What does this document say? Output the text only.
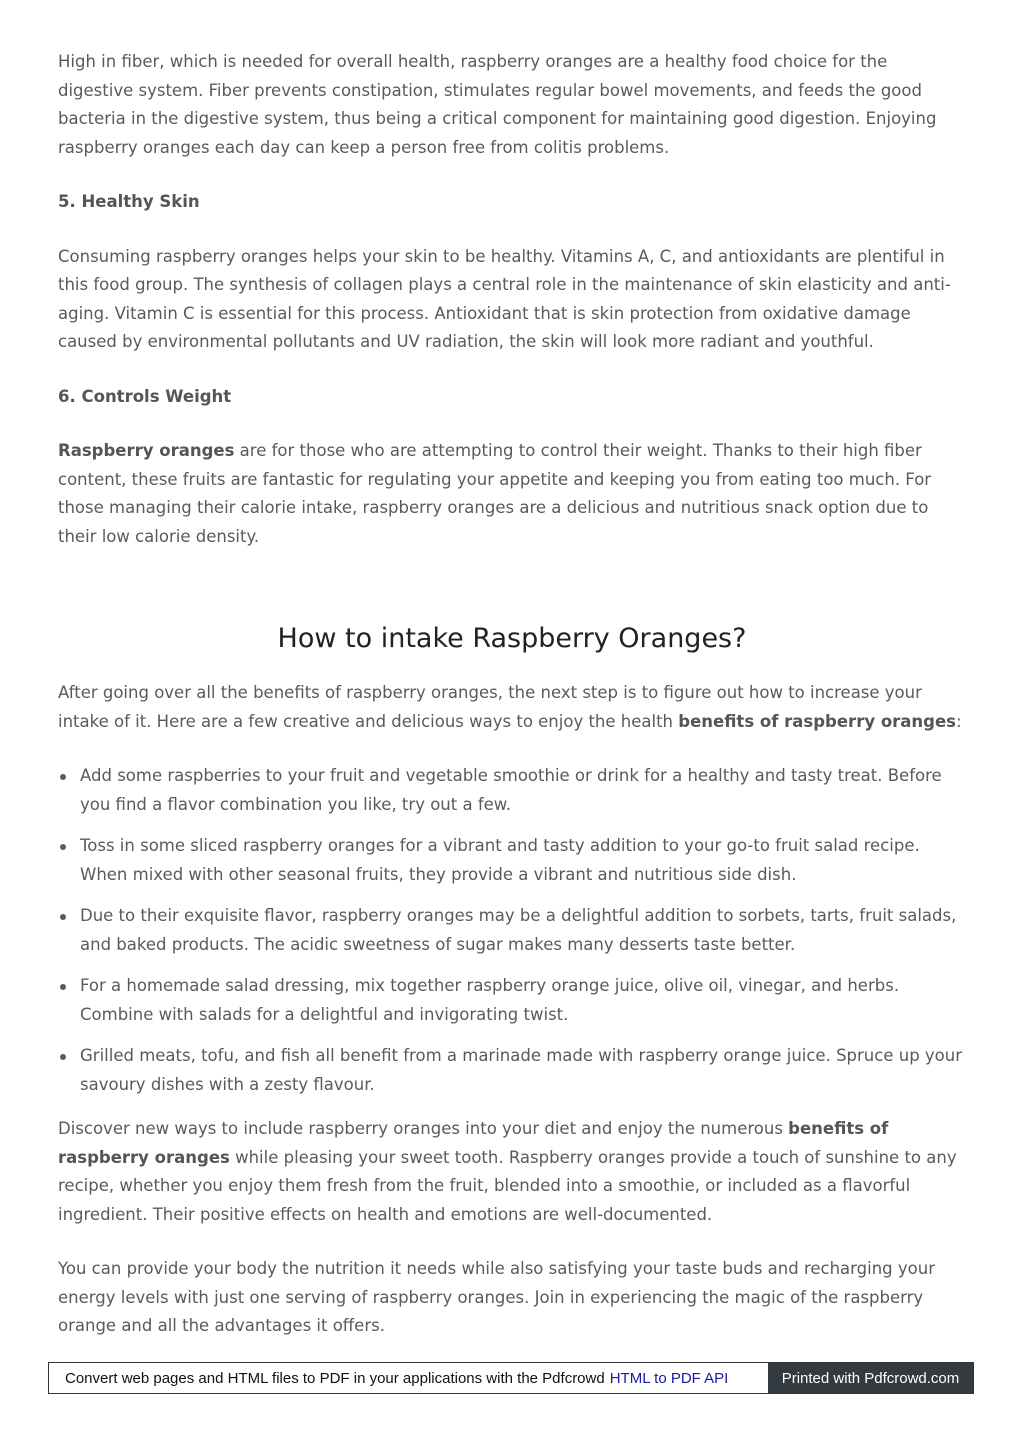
High in fiber, which is needed for overall health, raspberry oranges are a healthy food choice for the digestive system. Fiber prevents constipation, stimulates regular bowel movements, and feeds the good bacteria in the digestive system, thus being a critical component for maintaining good digestion. Enjoying raspberry oranges each day can keep a person free from colitis problems.

5. Healthy Skin

Consuming raspberry oranges helps your skin to be healthy. Vitamins A, C, and antioxidants are plentiful in this food group. The synthesis of collagen plays a central role in the maintenance of skin elasticity and anti-aging. Vitamin C is essential for this process. Antioxidant that is skin protection from oxidative damage caused by environmental pollutants and UV radiation, the skin will look more radiant and youthful.

6. Controls Weight

Raspberry oranges are for those who are attempting to control their weight. Thanks to their high fiber content, these fruits are fantastic for regulating your appetite and keeping you from eating too much. For those managing their calorie intake, raspberry oranges are a delicious and nutritious snack option due to their low calorie density.

How to intake Raspberry Oranges?

After going over all the benefits of raspberry oranges, the next step is to figure out how to increase your intake of it. Here are a few creative and delicious ways to enjoy the health benefits of raspberry oranges:

Add some raspberries to your fruit and vegetable smoothie or drink for a healthy and tasty treat. Before you find a flavor combination you like, try out a few.
Toss in some sliced raspberry oranges for a vibrant and tasty addition to your go-to fruit salad recipe. When mixed with other seasonal fruits, they provide a vibrant and nutritious side dish.
Due to their exquisite flavor, raspberry oranges may be a delightful addition to sorbets, tarts, fruit salads, and baked products. The acidic sweetness of sugar makes many desserts taste better.
For a homemade salad dressing, mix together raspberry orange juice, olive oil, vinegar, and herbs. Combine with salads for a delightful and invigorating twist.
Grilled meats, tofu, and fish all benefit from a marinade made with raspberry orange juice. Spruce up your savoury dishes with a zesty flavour.

Discover new ways to include raspberry oranges into your diet and enjoy the numerous benefits of raspberry oranges while pleasing your sweet tooth. Raspberry oranges provide a touch of sunshine to any recipe, whether you enjoy them fresh from the fruit, blended into a smoothie, or included as a flavorful ingredient. Their positive effects on health and emotions are well-documented.

You can provide your body the nutrition it needs while also satisfying your taste buds and recharging your energy levels with just one serving of raspberry oranges. Join in experiencing the magic of the raspberry orange and all the advantages it offers.

Convert web pages and HTML files to PDF in your applications with the Pdfcrowd HTML to PDF API	Printed with Pdfcrowd.com
